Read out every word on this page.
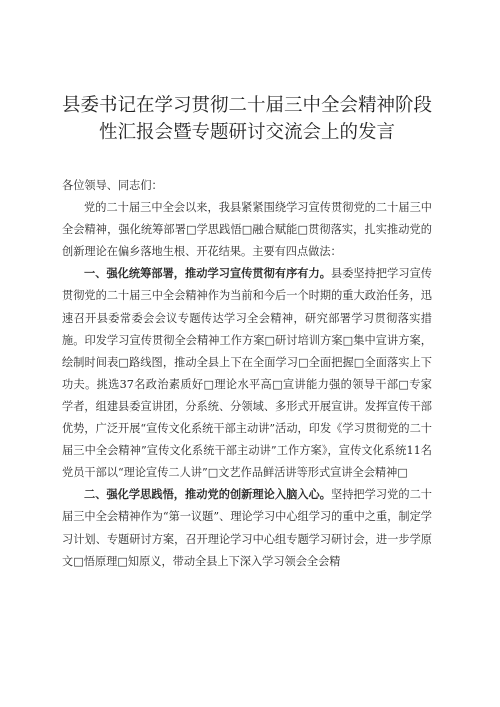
县委书记在学习贯彻二十届三中全会精神阶段
性汇报会暨专题研讨交流会上的发言

各位领导、同志们：

党的二十届三中全会以来，我县紧紧围绕学习宣传贯彻党的二十届三中全会精神，强化统筹部署□学思践悟□融合赋能□贯彻落实，扎实推动党的创新理论在偏乡落地生根、开花结果。主要有四点做法：

一、强化统筹部署，推动学习宣传贯彻有序有力。县委坚持把学习宣传贯彻党的二十届三中全会精神作为当前和今后一个时期的重大政治任务，迅速召开县委常委会会议专题传达学习全会精神，研究部署学习贯彻落实措施。印发学习宣传贯彻全会精神工作方案□研讨培训方案□集中宣讲方案，绘制时间表□路线图，推动全县上下在全面学习□全面把握□全面落实上下功夫。挑选37名政治素质好□理论水平高□宣讲能力强的领导干部□专家学者，组建县委宣讲团，分系统、分领域、多形式开展宣讲。发挥宣传干部优势，广泛开展“宣传文化系统干部主动讲”活动，印发《学习贯彻党的二十届三中全会精神”宣传文化系统干部主动讲”工作方案》，宣传文化系统11名党员干部以“理论宣传二人讲”□文艺作品鲜活讲等形式宣讲全会精神□

二、强化学思践悟，推动党的创新理论入脑入心。坚持把学习党的二十届三中全会精神作为“第一议题”、理论学习中心组学习的重中之重，制定学习计划、专题研讨方案，召开理论学习中心组专题学习研讨会，进一步学原文□悟原理□知原义，带动全县上下深入学习领会全会精
